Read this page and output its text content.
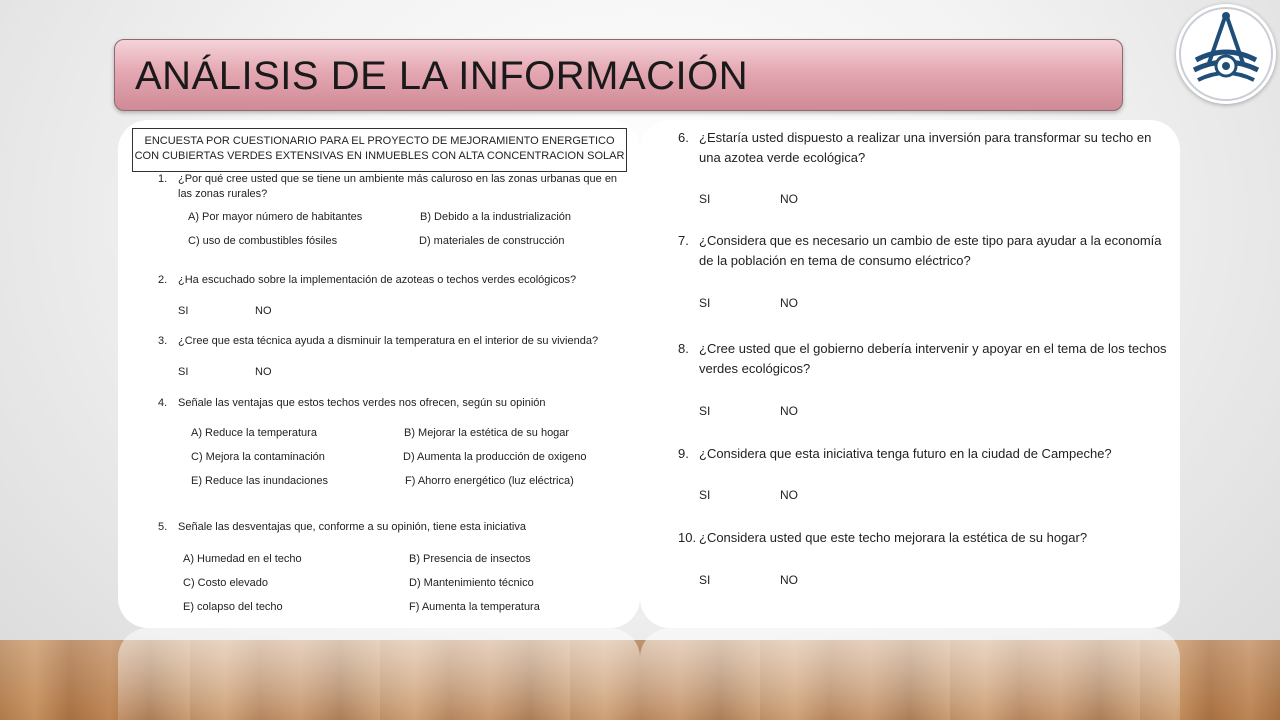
ANÁLISIS DE LA INFORMACIÓN
ENCUESTA POR CUESTIONARIO PARA EL PROYECTO DE MEJORAMIENTO ENERGETICO CON CUBIERTAS VERDES EXTENSIVAS EN INMUEBLES CON ALTA CONCENTRACION SOLAR
1. ¿Por qué cree usted que se tiene un ambiente más caluroso en las zonas urbanas que en las zonas rurales?
A) Por mayor número de habitantes	B) Debido a la industrialización
C) uso de combustibles fósiles	D) materiales de construcción
2. ¿Ha escuchado sobre la implementación de azoteas o techos verdes ecológicos?
SI	NO
3. ¿Cree que esta técnica ayuda a disminuir la temperatura en el interior de su vivienda?
SI	NO
4. Señale las ventajas que estos techos verdes nos ofrecen, según su opinión
A) Reduce la temperatura	B) Mejorar la estética de su hogar
C) Mejora la contaminación	D) Aumenta la producción de oxigeno
E) Reduce las inundaciones	F) Ahorro energético (luz eléctrica)
5. Señale las desventajas que, conforme a su opinión, tiene esta iniciativa
A) Humedad en el techo	B) Presencia de insectos
C) Costo elevado	D) Mantenimiento técnico
E) colapso del techo	F) Aumenta la temperatura
6. ¿Estaría usted dispuesto a realizar una inversión para transformar su techo en una azotea verde ecológica?
SI	NO
7. ¿Considera que es necesario un cambio de este tipo para ayudar a la economía de la población en tema de consumo eléctrico?
SI	NO
8. ¿Cree usted que el gobierno debería intervenir y apoyar en el tema de los techos verdes ecológicos?
SI	NO
9. ¿Considera que esta iniciativa tenga futuro en la ciudad de Campeche?
SI	NO
10. ¿Considera usted que este techo mejorara la estética de su hogar?
SI	NO
